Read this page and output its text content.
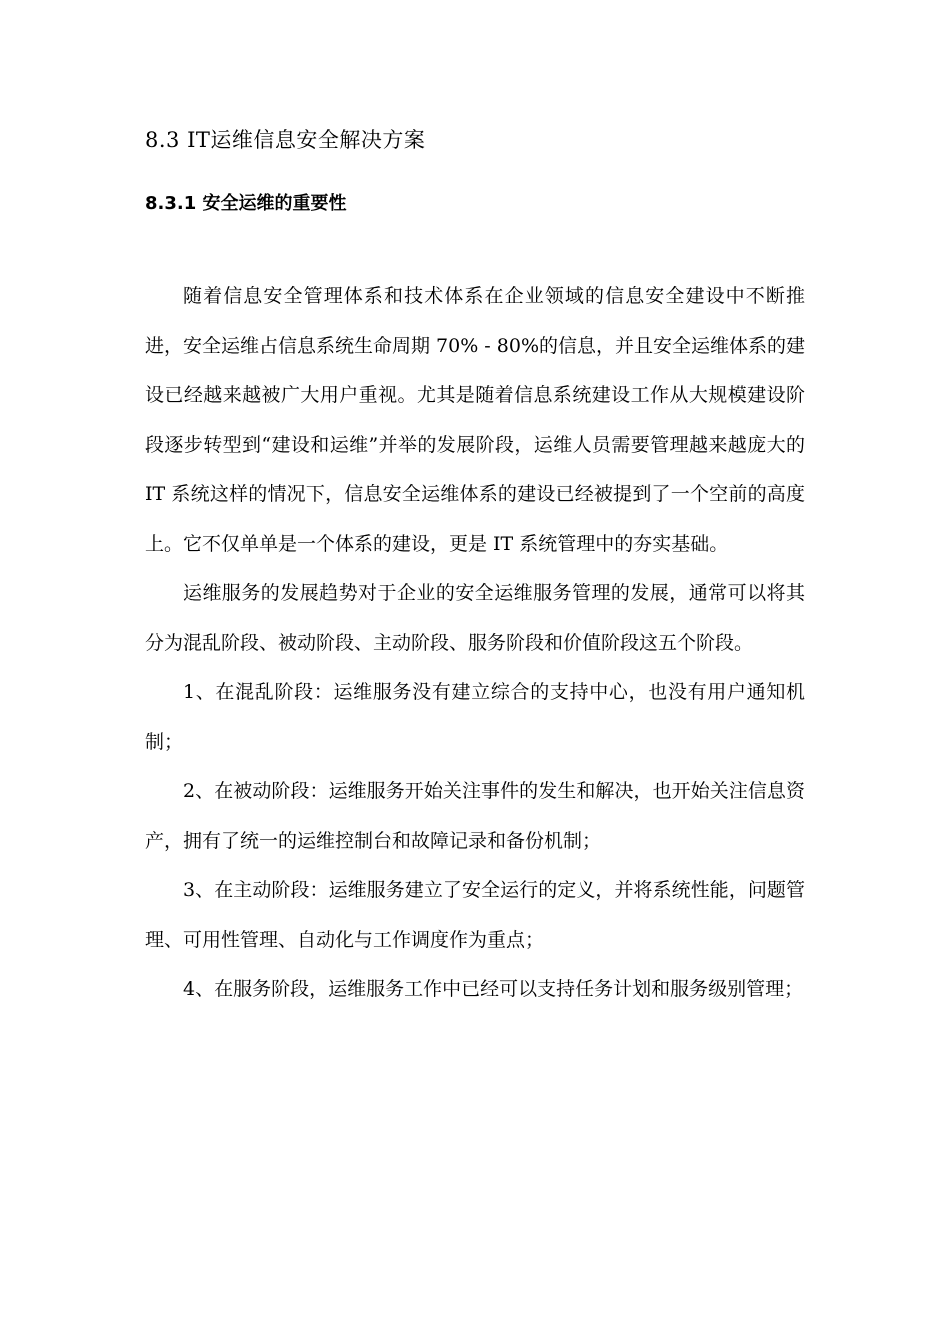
8.3 IT运维信息安全解决方案
8.3.1 安全运维的重要性

随着信息安全管理体系和技术体系在企业领域的信息安全建设中不断推进，安全运维占信息系统生命周期 70% - 80%的信息，并且安全运维体系的建设已经越来越被广大用户重视。尤其是随着信息系统建设工作从大规模建设阶段逐步转型到“建设和运维”并举的发展阶段，运维人员需要管理越来越庞大的 IT 系统这样的情况下，信息安全运维体系的建设已经被提到了一个空前的高度上。它不仅单单是一个体系的建设，更是 IT 系统管理中的夯实基础。

运维服务的发展趋势对于企业的安全运维服务管理的发展，通常可以将其分为混乱阶段、被动阶段、主动阶段、服务阶段和价值阶段这五个阶段。

1、在混乱阶段：运维服务没有建立综合的支持中心，也没有用户通知机制；

2、在被动阶段：运维服务开始关注事件的发生和解决，也开始关注信息资产，拥有了统一的运维控制台和故障记录和备份机制；

3、在主动阶段：运维服务建立了安全运行的定义，并将系统性能，问题管理、可用性管理、自动化与工作调度作为重点；

4、在服务阶段，运维服务工作中已经可以支持任务计划和服务级别管理；
